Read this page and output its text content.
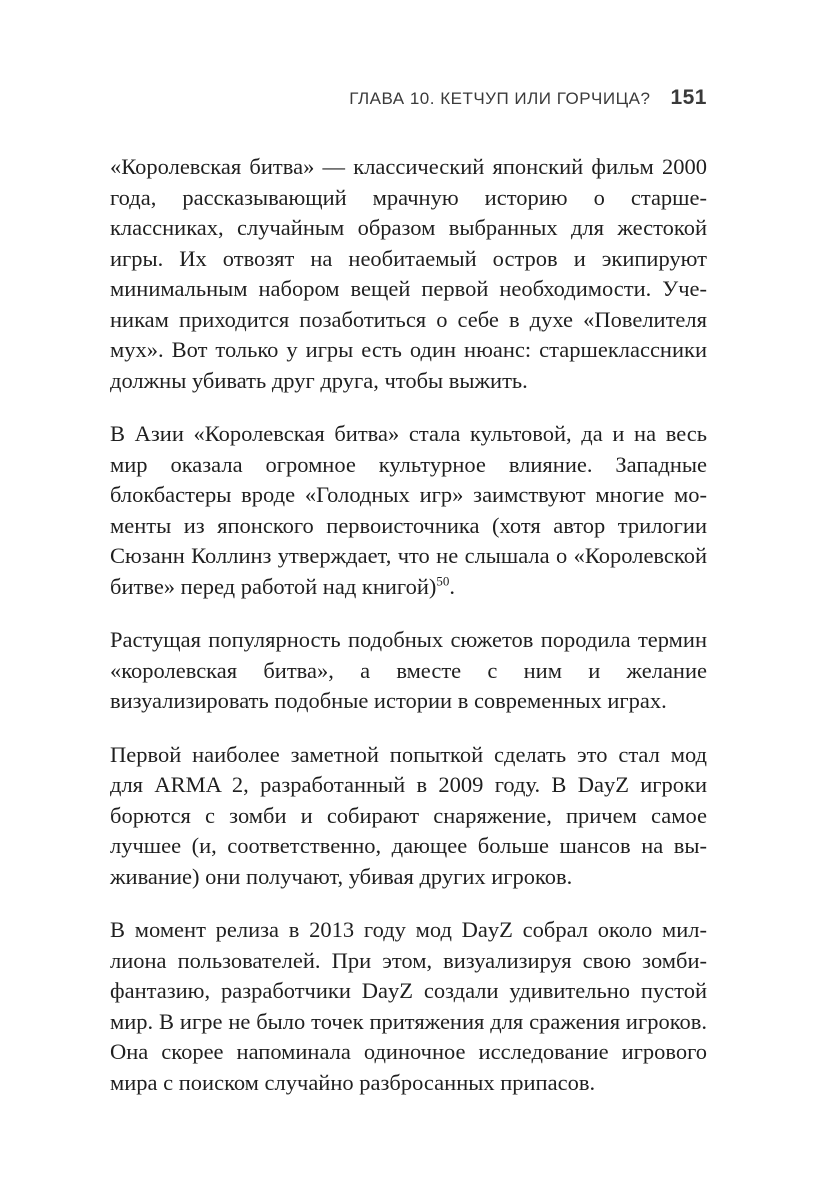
ГЛАВА 10. КЕТЧУП ИЛИ ГОРЧИЦА? 151

«Королевская битва» — классический японский фильм 2000 года, рассказывающий мрачную историю о старшеклассниках, случайным образом выбранных для жестокой игры. Их отвозят на необитаемый остров и экипируют минимальным набором вещей первой необходимости. Ученикам приходится позаботиться о себе в духе «Повелителя мух». Вот только у игры есть один нюанс: старшеклассники должны убивать друг друга, чтобы выжить.

В Азии «Королевская битва» стала культовой, да и на весь мир оказала огромное культурное влияние. Западные блокбастеры вроде «Голодных игр» заимствуют многие моменты из японского первоисточника (хотя автор трилогии Сюзанн Коллинз утверждает, что не слышала о «Королевской битве» перед работой над книгой)$^{50}$.

Растущая популярность подобных сюжетов породила термин «королевская битва», а вместе с ним и желание визуализировать подобные истории в современных играх.

Первой наиболее заметной попыткой сделать это стал мод для ARMA 2, разработанный в 2009 году. В DayZ игроки борются с зомби и собирают снаряжение, причем самое лучшее (и, соответственно, дающее больше шансов на выживание) они получают, убивая других игроков.

В момент релиза в 2013 году мод DayZ собрал около миллиона пользователей. При этом, визуализируя свою зомбифантазию, разработчики DayZ создали удивительно пустой мир. В игре не было точек притяжения для сражения игроков. Она скорее напоминала одиночное исследование игрового мира с поиском случайно разбросанных припасов.
